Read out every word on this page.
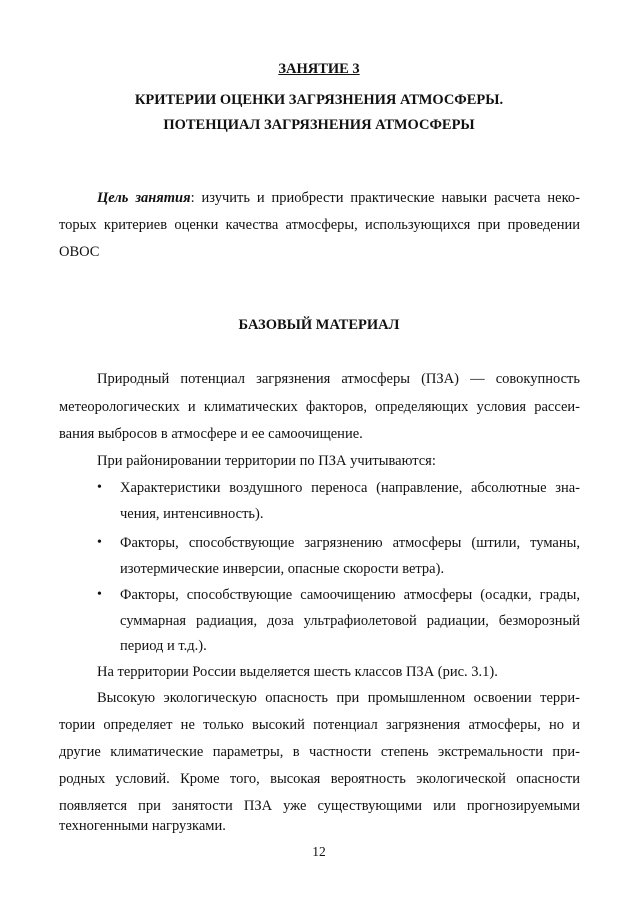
ЗАНЯТИЕ 3
КРИТЕРИИ ОЦЕНКИ ЗАГРЯЗНЕНИЯ АТМОСФЕРЫ.
ПОТЕНЦИАЛ ЗАГРЯЗНЕНИЯ АТМОСФЕРЫ
Цель занятия: изучить и приобрести практические навыки расчета неко-
торых критериев оценки качества атмосферы, использующихся при проведении
ОВОС
БАЗОВЫЙ МАТЕРИАЛ
Природный потенциал загрязнения атмосферы (ПЗА) — совокупность
метеорологических и климатических факторов, определяющих условия рассеи-
вания выбросов в атмосфере и ее самоочищение.
При районировании территории по ПЗА учитываются:
• Характеристики воздушного переноса (направление, абсолютные зна-
чения, интенсивность).
• Факторы, способствующие загрязнению атмосферы (штили, туманы,
изотермические инверсии, опасные скорости ветра).
• Факторы, способствующие самоочищению атмосферы (осадки, грады,
суммарная радиация, доза ультрафиолетовой радиации, безморозный
период и т.д.).
На территории России выделяется шесть классов ПЗА (рис. 3.1).
Высокую экологическую опасность при промышленном освоении терри-
тории определяет не только высокий потенциал загрязнения атмосферы, но и
другие климатические параметры, в частности степень экстремальности при-
родных условий. Кроме того, высокая вероятность экологической опасности
появляется при занятости ПЗА уже существующими или прогнозируемыми
техногенными нагрузками.
12
